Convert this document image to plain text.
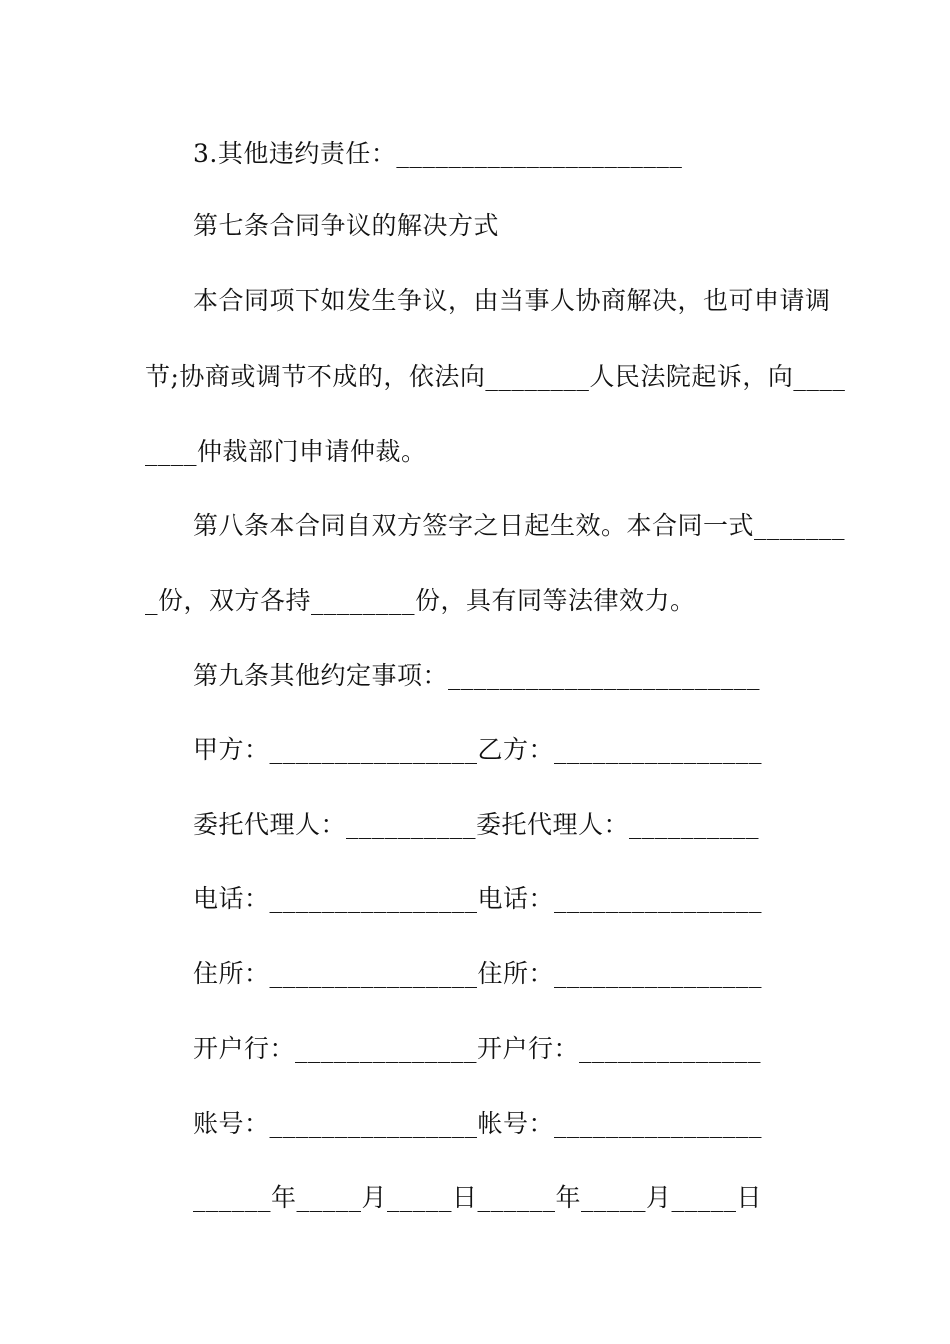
3.其他违约责任：______________________
第七条合同争议的解决方式
本合同项下如发生争议，由当事人协商解决，也可申请调
节;协商或调节不成的，依法向________人民法院起诉，向____
____仲裁部门申请仲裁。
第八条本合同自双方签字之日起生效。本合同一式_______
_份，双方各持________份，具有同等法律效力。
第九条其他约定事项：________________________
甲方：________________乙方：________________
委托代理人：__________委托代理人：__________
电话：________________电话：________________
住所：________________住所：________________
开户行：______________开户行：______________
账号：________________帐号：________________
______年_____月_____日______年_____月_____日
